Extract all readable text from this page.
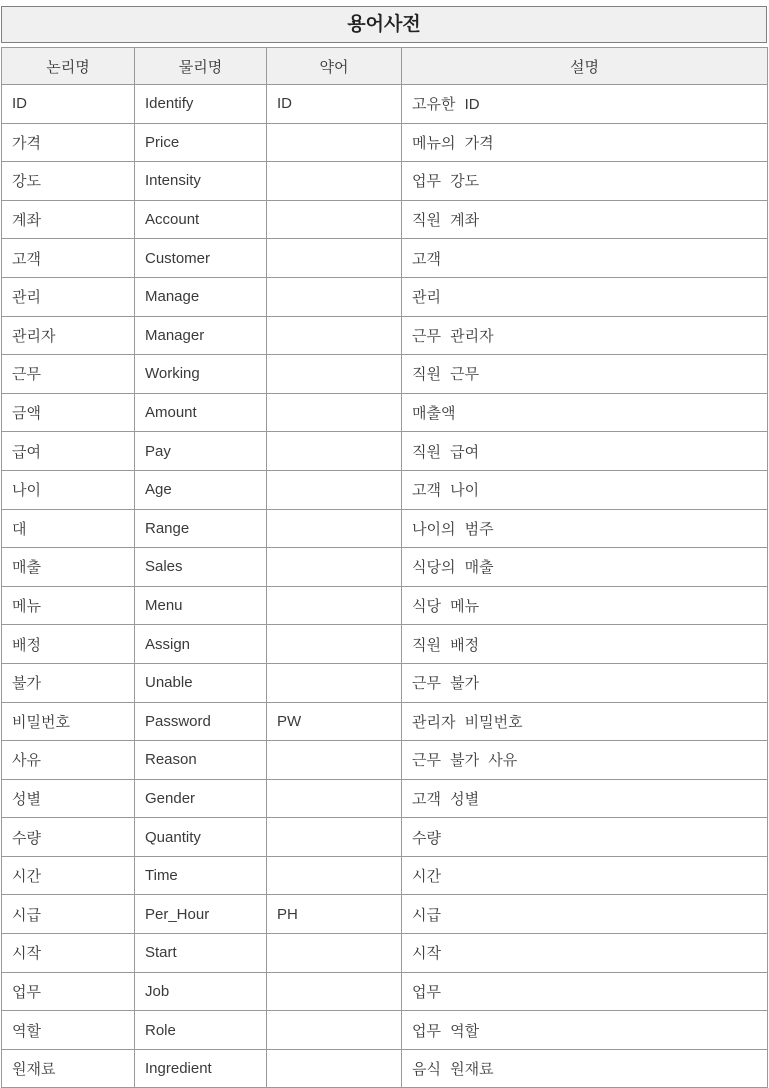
용어사전
논리명	물리명	약어	설명
ID	Identify	ID	고유한 ID
가격	Price		메뉴의 가격
강도	Intensity		업무 강도
계좌	Account		직원 계좌
고객	Customer		고객
관리	Manage		관리
관리자	Manager		근무 관리자
근무	Working		직원 근무
금액	Amount		매출액
급여	Pay		직원 급여
나이	Age		고객 나이
대	Range		나이의 범주
매출	Sales		식당의 매출
메뉴	Menu		식당 메뉴
배정	Assign		직원 배정
불가	Unable		근무 불가
비밀번호	Password	PW	관리자 비밀번호
사유	Reason		근무 불가 사유
성별	Gender		고객 성별
수량	Quantity		수량
시간	Time		시간
시급	Per_Hour	PH	시급
시작	Start		시작
업무	Job		업무
역할	Role		업무 역할
원재료	Ingredient		음식 원재료
